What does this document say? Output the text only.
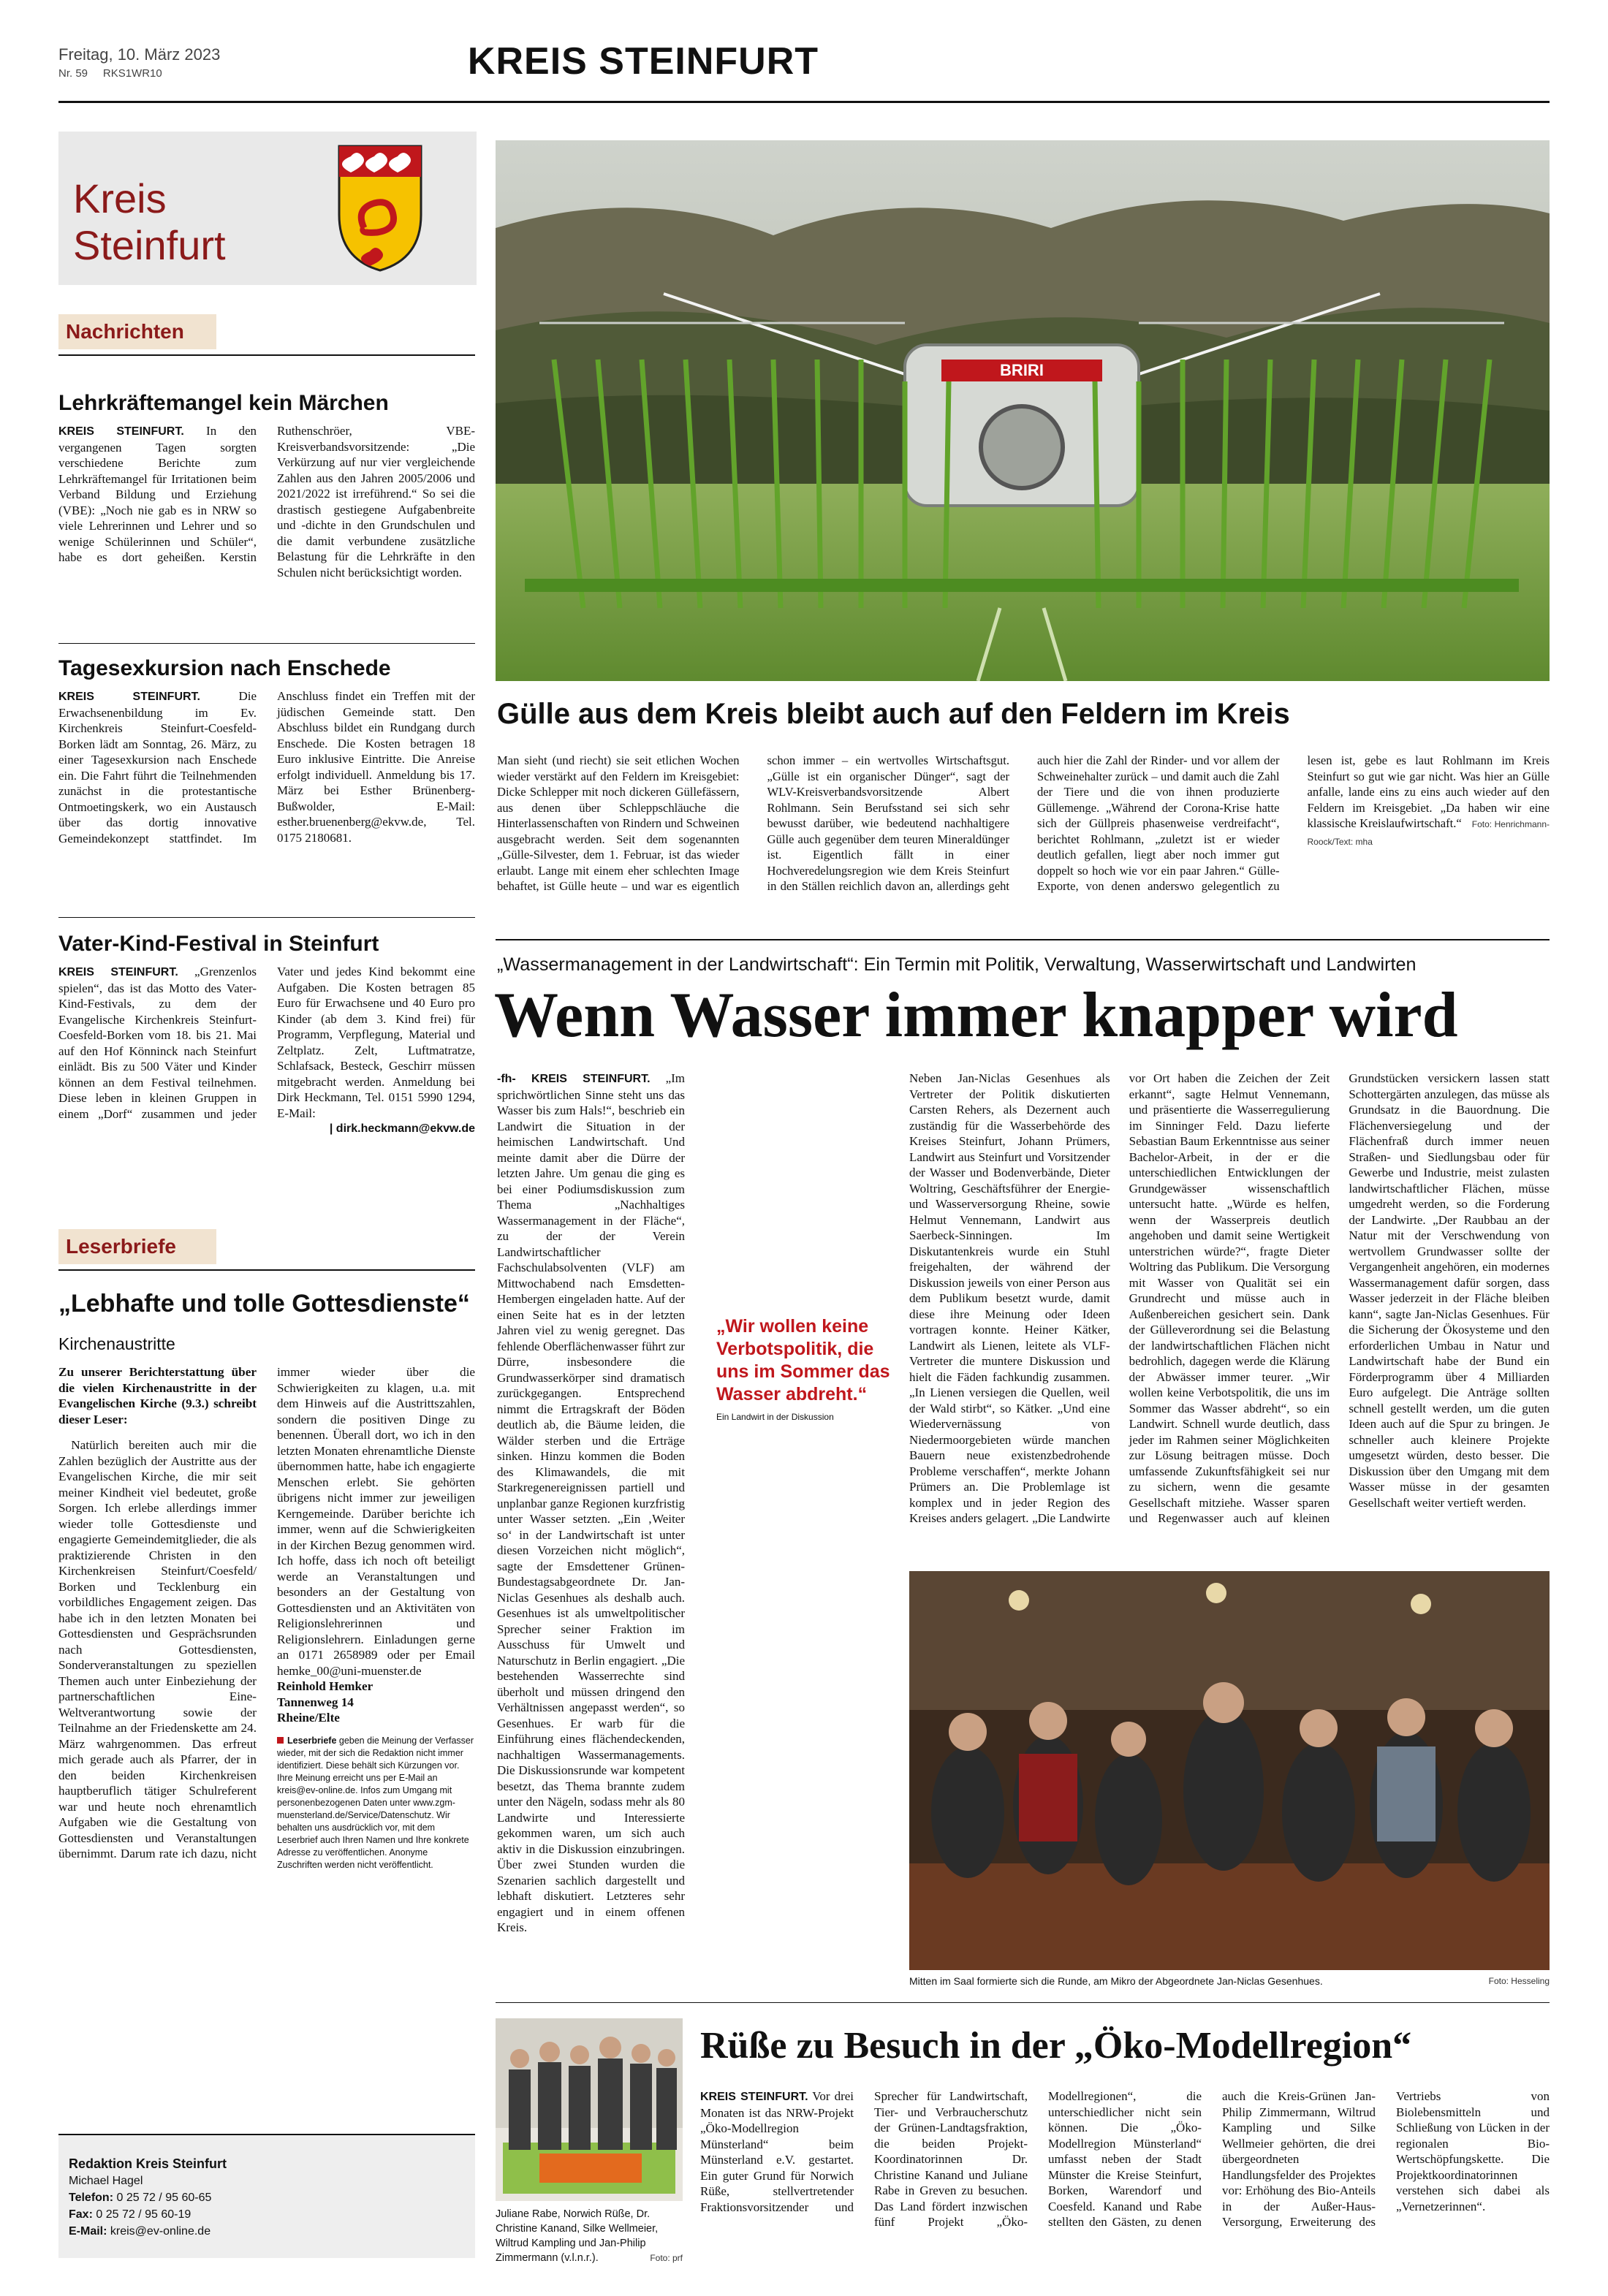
Freitag, 10. März 2023
Nr. 59     RKS1WR10	KREIS STEINFURT
Kreis
Steinfurt
Nachrichten
Lehrkräftemangel kein Märchen
KREIS STEINFURT. In den vergangenen Tagen sorgten verschiedene Berichte zum Lehrkräftemangel für Irritationen beim Verband Bildung und Erziehung (VBE): „Noch nie gab es in NRW so viele Lehrerinnen und Lehrer und so wenige Schülerinnen und Schüler“, habe es dort geheißen. Kerstin Ruthenschröer, VBE-Kreisverbandsvorsitzende: „Die Verkürzung auf nur vier vergleichende Zahlen aus den Jahren 2005/2006 und 2021/2022 ist irreführend.“ So sei die drastisch gestiegene Aufgabenbreite und -dichte in den Grundschulen und die damit verbundene zusätzliche Belastung für die Lehrkräfte in den Schulen nicht berücksichtigt worden.
Tagesexkursion nach Enschede
KREIS STEINFURT. Die Erwachsenenbildung im Ev. Kirchenkreis Steinfurt-Coesfeld-Borken lädt am Sonntag, 26. März, zu einer Tagesexkursion nach Enschede ein. Die Fahrt führt die Teilnehmenden zunächst in die protestantische Ontmoetingskerk, wo ein Austausch über das dortig innovative Gemeindekonzept stattfindet. Im Anschluss findet ein Treffen mit der jüdischen Gemeinde statt. Den Abschluss bildet ein Rundgang durch Enschede. Die Kosten betragen 18 Euro inklusive Eintritte. Die Anreise erfolgt individuell. Anmeldung bis 17. März bei Esther Brünenberg-Bußwolder, E-Mail: esther.bruenenberg@ekvw.de, Tel. 0175 2180681.
Vater-Kind-Festival in Steinfurt
KREIS STEINFURT. „Grenzenlos spielen“, das ist das Motto des Vater-Kind-Festivals, zu dem der Evangelische Kirchenkreis Steinfurt-Coesfeld-Borken vom 18. bis 21. Mai auf den Hof Könninck nach Steinfurt einlädt. Bis zu 500 Väter und Kinder können an dem Festival teilnehmen. Diese leben in kleinen Gruppen in einem „Dorf“ zusammen und jeder Vater und jedes Kind bekommt eine Aufgaben. Die Kosten betragen 85 Euro für Erwachsene und 40 Euro pro Kinder (ab dem 3. Kind frei) für Programm, Verpflegung, Material und Zeltplatz. Zelt, Luftmatratze, Schlafsack, Besteck, Geschirr müssen mitgebracht werden. Anmeldung bei Dirk Heckmann, Tel. 0151 5990 1294, E-Mail:
| dirk.heckmann@ekvw.de
Leserbriefe
„Lebhafte und tolle Gottesdienste“
Kirchenaustritte

Zu unserer Berichterstattung über die vielen Kirchenaustritte in der Evangelischen Kirche (9.3.) schreibt dieser Leser:

Natürlich bereiten auch mir die Zahlen bezüglich der Austritte aus der Evangelischen Kirche, die mir seit meiner Kindheit viel bedeutet, große Sorgen. Ich erlebe allerdings immer wieder tolle Gottesdienste und engagierte Gemeindemitglieder, die als praktizierende Christen in den Kirchenkreisen Steinfurt/Coesfeld/ Borken und Tecklenburg ein vorbildliches Engagement zeigen. Das habe ich in den letzten Monaten bei Gottesdiensten und Gesprächsrunden nach Gottesdiensten, Sonderveranstaltungen zu speziellen Themen auch unter Einbeziehung der partnerschaftlichen Eine-Weltverantwortung sowie der Teilnahme an der Friedenskette am 24. März wahrgenommen. Das erfreut mich gerade auch als Pfarrer, der in den beiden Kirchenkreisen hauptberuflich tätiger Schulreferent war und heute noch ehrenamtlich Aufgaben wie die Gestaltung von Gottesdiensten und Veranstaltungen übernimmt. Darum rate ich dazu, nicht immer wieder über die Schwierigkeiten zu klagen, u.a. mit dem Hinweis auf die Austrittszahlen, sondern die positiven Dinge zu benennen. Überall dort, wo ich in den letzten Monaten ehrenamtliche Dienste übernommen hatte, habe ich engagierte Menschen erlebt. Sie gehörten übrigens nicht immer zur jeweiligen Kerngemeinde. Darüber berichte ich immer, wenn auf die Schwierigkeiten in der Kirchen Bezug genommen wird. Ich hoffe, dass ich noch oft beteiligt werde an Veranstaltungen und besonders an der Gestaltung von Gottesdiensten und an Aktivitäten von Religionslehrerinnen und Religionslehrern. Einladungen gerne an 0171 2658989 oder per Email hemke_00@uni-muenster.de

Reinhold Hemker

Tannenweg 14

Rheine/Elte

Leserbriefe geben die Meinung der Verfasser wieder, mit der sich die Redaktion nicht immer identifiziert. Diese behält sich Kürzungen vor. Ihre Meinung erreicht uns per E-Mail an kreis@ev-online.de. Infos zum Umgang mit personenbezogenen Daten unter www.zgm-muensterland.de/Service/Datenschutz. Wir behalten uns ausdrücklich vor, mit dem Leserbrief auch Ihren Namen und Ihre konkrete Adresse zu veröffentlichen. Anonyme Zuschriften werden nicht veröffentlicht.

Redaktion Kreis Steinfurt
Michael Hagel
Telefon: 0 25 72 / 95 60-65
Fax: 0 25 72 / 95 60-19
E-Mail: kreis@ev-online.de
BRIRI
Gülle aus dem Kreis bleibt auch auf den Feldern im Kreis
Man sieht (und riecht) sie seit etlichen Wochen wieder verstärkt auf den Feldern im Kreisgebiet: Dicke Schlepper mit noch dickeren Güllefässern, aus denen über Schleppschläuche die Hinterlassenschaften von Rindern und Schweinen ausgebracht werden. Seit dem sogenannten „Gülle-Silvester, dem 1. Februar, ist das wieder erlaubt. Lange mit einem eher schlechten Image behaftet, ist Gülle heute – und war es eigentlich schon immer – ein wertvolles Wirtschaftsgut. „Gülle ist ein organischer Dünger“, sagt der WLV-Kreisverbandsvorsitzende Albert Rohlmann. Sein Berufsstand sei sich sehr bewusst darüber, wie bedeutend nachhaltigere Gülle auch gegenüber dem teuren Mineraldünger ist. Eigentlich fällt in einer Hochveredelungsregion wie dem Kreis Steinfurt in den Ställen reichlich davon an, allerdings geht auch hier die Zahl der Rinder- und vor allem der Schweinehalter zurück – und damit auch die Zahl der Tiere und die von ihnen produzierte Güllemenge. „Während der Corona-Krise hatte sich der Güllpreis phasenweise verdreifacht“, berichtet Rohlmann, „zuletzt ist er wieder deutlich gefallen, liegt aber noch immer gut doppelt so hoch wie vor ein paar Jahren.“ Gülle-Exporte, von denen anderswo gelegentlich zu lesen ist, gebe es laut Rohlmann im Kreis Steinfurt so gut wie gar nicht. Was hier an Gülle anfalle, lande eins zu eins auch wieder auf den Feldern im Kreisgebiet. „Da haben wir eine klassische Kreislaufwirtschaft.“ Foto: Henrichmann-Roock/Text: mha
„Wassermanagement in der Landwirtschaft“: Ein Termin mit Politik, Verwaltung, Wasserwirtschaft und Landwirten
Wenn Wasser immer knapper wird
-fh- KREIS STEINFURT. „Im sprichwörtlichen Sinne steht uns das Wasser bis zum Hals!“, beschrieb ein Landwirt die Situation in der heimischen Landwirtschaft. Und meinte damit aber die Dürre der letzten Jahre. Um genau die ging es bei einer Podiumsdiskussion zum Thema „Nachhaltiges Wassermanagement in der Fläche“, zu der der Verein Landwirtschaftlicher Fachschulabsolventen (VLF) am Mittwochabend nach Emsdetten-Hembergen eingeladen hatte. Auf der einen Seite hat es in der letzten Jahren viel zu wenig geregnet. Das fehlende Oberflächenwasser führt zur Dürre, insbesondere die Grundwasserkörper sind dramatisch zurückgegangen. Entsprechend nimmt die Ertragskraft der Böden deutlich ab, die Bäume leiden, die Wälder sterben und die Erträge sinken. Hinzu kommen die Boden des Klimawandels, die mit Starkregenereignissen partiell und unplanbar ganze Regionen kurzfristig unter Wasser setzten. „Ein ‚Weiter so‘ in der Landwirtschaft ist unter diesen Vorzeichen nicht möglich“, sagte der Emsdettener Grünen-Bundestagsabgeordnete Dr. Jan-Niclas Gesenhues als deshalb auch. Gesenhues ist als umweltpolitischer Sprecher seiner Fraktion im Ausschuss für Umwelt und Naturschutz in Berlin engagiert. „Die bestehenden Wasserrechte sind überholt und müssen dringend den Verhältnissen angepasst werden“, so Gesenhues. Er warb für die Einführung eines flächendeckenden, nachhaltigen Wassermanagements. Die Diskussionsrunde war kompetent besetzt, das Thema brannte zudem unter den Nägeln, sodass mehr als 80 Landwirte und Interessierte gekommen waren, um sich auch aktiv in die Diskussion einzubringen. Über zwei Stunden wurden die Szenarien sachlich dargestellt und lebhaft diskutiert. Letzteres sehr engagiert und in einem offenen Kreis.
„Wir wollen keine Verbotspolitik, die uns im Sommer das Wasser abdreht.“
Ein Landwirt in der Diskussion
Neben Jan-Niclas Gesenhues als Vertreter der Politik diskutierten Carsten Rehers, als Dezernent auch zuständig für die Wasserbehörde des Kreises Steinfurt, Johann Prümers, Landwirt aus Steinfurt und Vorsitzender der Wasser und Bodenverbände, Dieter Woltring, Geschäftsführer der Energie- und Wasserversorgung Rheine, sowie Helmut Vennemann, Landwirt aus Saerbeck-Sinningen. Im Diskutantenkreis wurde ein Stuhl freigehalten, der während der Diskussion jeweils von einer Person aus dem Publikum besetzt wurde, damit diese ihre Meinung oder Ideen vortragen konnte. Heiner Kätker, Landwirt als Lienen, leitete als VLF-Vertreter die muntere Diskussion und hielt die Fäden fachkundig zusammen. „In Lienen versiegen die Quellen, weil der Wald stirbt“, so Kätker. „Und eine Wiedervernässung von Niedermoorgebieten würde manchen Bauern neue existenzbedrohende Probleme verschaffen“, merkte Johann Prümers an. Die Problemlage ist komplex und in jeder Region des Kreises anders gelagert. „Die Landwirte vor Ort haben die Zeichen der Zeit erkannt“, sagte Helmut Vennemann, und präsentierte die Wasserregulierung im Sinninger Feld. Dazu lieferte Sebastian Baum Erkenntnisse aus seiner Bachelor-Arbeit, in der er die unterschiedlichen Entwicklungen der Grundgewässer wissenschaftlich untersucht hatte. „Würde es helfen, wenn der Wasserpreis deutlich angehoben und damit seine Wertigkeit unterstrichen würde?“, fragte Dieter Woltring das Publikum. Die Versorgung mit Wasser von Qualität sei ein Grundrecht und müsse auch in Außenbereichen gesichert sein. Dank der Gülleverordnung sei die Belastung der landwirtschaftlichen Flächen nicht bedrohlich, dagegen werde die Klärung der Abwässer immer teurer. „Wir wollen keine Verbotspolitik, die uns im Sommer das Wasser abdreht“, so ein Landwirt. Schnell wurde deutlich, dass jeder im Rahmen seiner Möglichkeiten zur Lösung beitragen müsse. Doch umfassende Zukunftsfähigkeit sei nur zu sichern, wenn die gesamte Gesellschaft mitziehe. Wasser sparen und Regenwasser auch auf kleinen Grundstücken versickern lassen statt Schottergärten anzulegen, das müsse als Grundsatz in die Bauordnung. Die Flächenversiegelung und der Flächenfraß durch immer neuen Straßen- und Siedlungsbau oder für Gewerbe und Industrie, meist zulasten landwirtschaftlicher Flächen, müsse umgedreht werden, so die Forderung der Landwirte. „Der Raubbau an der Natur mit der Verschwendung von wertvollem Grundwasser sollte der Vergangenheit angehören, ein modernes Wassermanagement dafür sorgen, dass Wasser jederzeit in der Fläche bleiben kann“, sagte Jan-Niclas Gesenhues. Für die Sicherung der Ökosysteme und den erforderlichen Umbau in Natur und Landwirtschaft habe der Bund ein Förderprogramm über 4 Milliarden Euro aufgelegt. Die Anträge sollten schnell gestellt werden, um die guten Ideen auch auf die Spur zu bringen. Je schneller auch kleinere Projekte umgesetzt würden, desto besser. Die Diskussion über den Umgang mit dem Wasser müsse in der gesamten Gesellschaft weiter vertieft werden.
Mitten im Saal formierte sich die Runde, am Mikro der Abgeordnete Jan-Niclas Gesenhues.	Foto: Hesseling
Juliane Rabe, Norwich Rüße, Dr. Christine Kanand, Silke Wellmeier, Wiltrud Kampling und Jan-Philip Zimmermann (v.l.n.r.).	Foto: prf
Rüße zu Besuch in der „Öko-Modellregion“
KREIS STEINFURT. Vor drei Monaten ist das NRW-Projekt „Öko-Modellregion Münsterland“ beim Münsterland e.V. gestartet. Ein guter Grund für Norwich Rüße, stellvertretender Fraktionsvorsitzender und Sprecher für Landwirtschaft, Tier- und Verbraucherschutz der Grünen-Landtagsfraktion, die beiden Projekt-Koordinatorinnen Dr. Christine Kanand und Juliane Rabe in Greven zu besuchen. Das Land fördert inzwischen fünf Projekt „Öko-Modellregionen“, die unterschiedlicher nicht sein können. Die „Öko-Modellregion Münsterland“ umfasst neben der Stadt Münster die Kreise Steinfurt, Borken, Warendorf und Coesfeld. Kanand und Rabe stellten den Gästen, zu denen auch die Kreis-Grünen Jan-Philip Zimmermann, Wiltrud Kampling und Silke Wellmeier gehörten, die drei übergeordneten Handlungsfelder des Projektes vor: Erhöhung des Bio-Anteils in der Außer-Haus-Versorgung, Erweiterung des Vertriebs von Biolebensmitteln und Schließung von Lücken in der regionalen Bio-Wertschöpfungskette. Die Projektkoordinatorinnen verstehen sich dabei als „Vernetzerinnen“.
